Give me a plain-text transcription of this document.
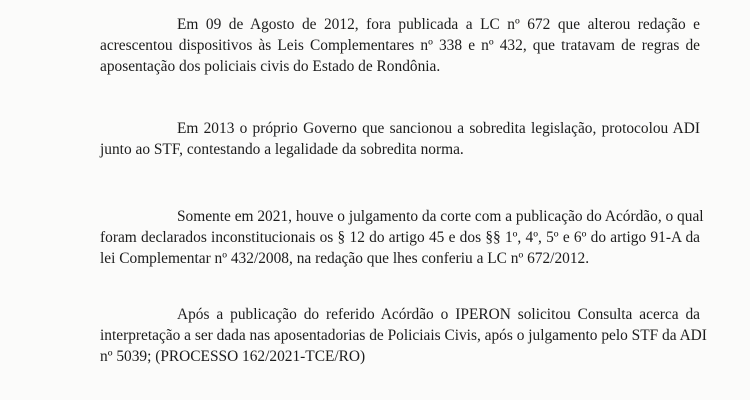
Em 09 de Agosto de 2012, fora publicada a LC nº 672 que alterou redação e
acrescentou dispositivos às Leis Complementares nº 338 e nº 432, que tratavam de regras de
aposentação dos policiais civis do Estado de Rondônia.

Em 2013 o próprio Governo que sancionou a sobredita legislação, protocolou ADI
junto ao STF, contestando a legalidade da sobredita norma.

Somente em 2021, houve o julgamento da corte com a publicação do Acórdão, o qual
foram declarados inconstitucionais os § 12 do artigo 45 e dos §§ 1º, 4º, 5º e 6º do artigo 91-A da
lei Complementar nº 432/2008, na redação que lhes conferiu a LC nº 672/2012.

Após a publicação do referido Acórdão o IPERON solicitou Consulta acerca da
interpretação a ser dada nas aposentadorias de Policiais Civis, após o julgamento pelo STF da ADI
nº 5039; (PROCESSO 162/2021-TCE/RO)
